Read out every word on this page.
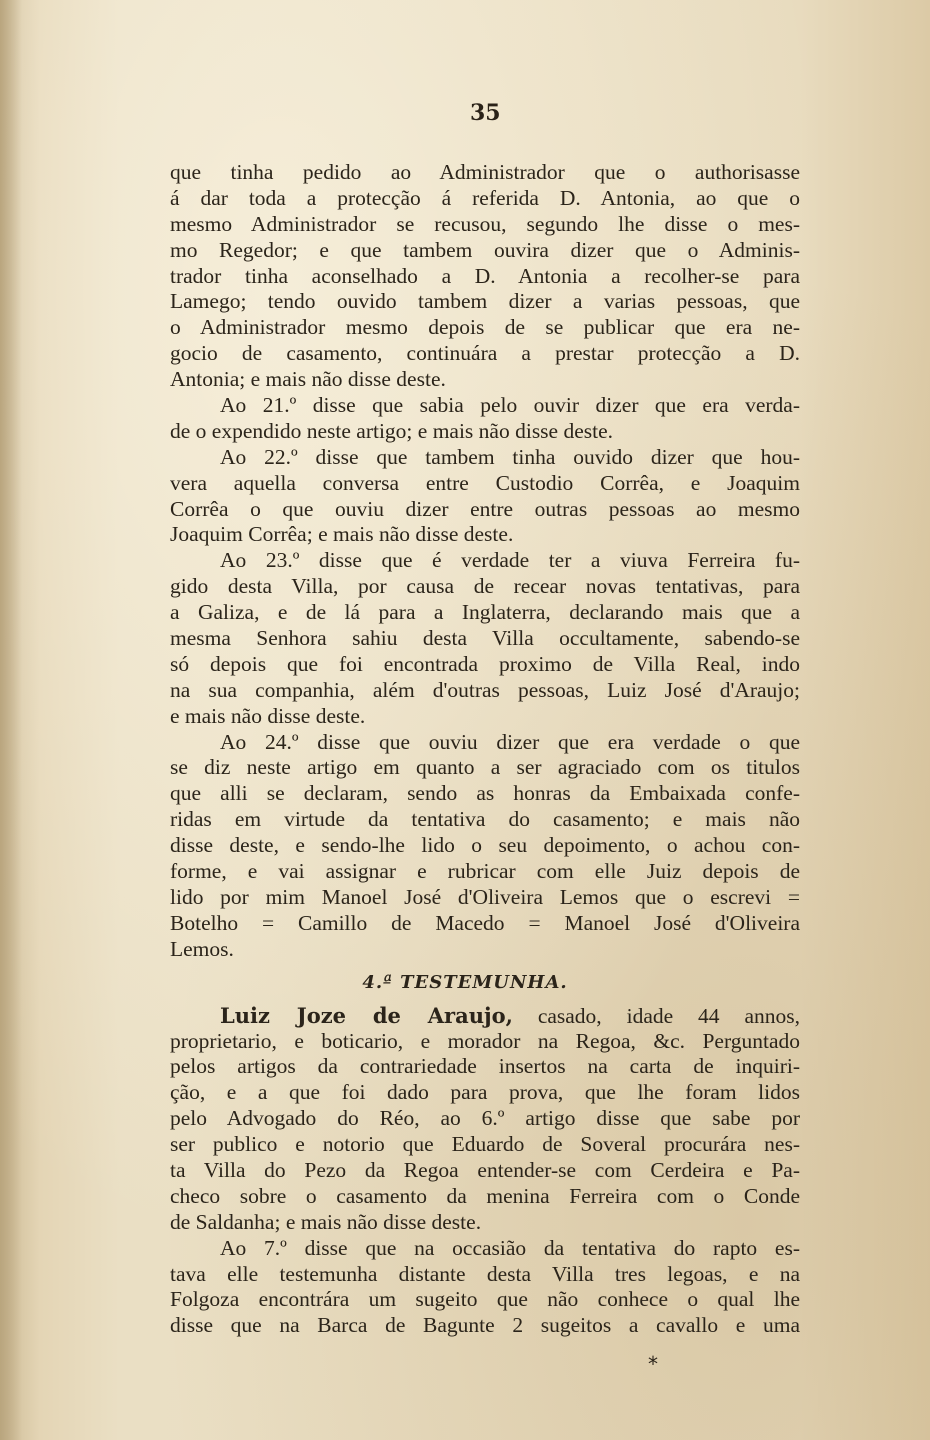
35
que tinha pedido ao Administrador que o authorisasse
á dar toda a protecção á referida D. Antonia, ao que o
mesmo Administrador se recusou, segundo lhe disse o mes-
mo Regedor; e que tambem ouvira dizer que o Adminis-
trador tinha aconselhado a D. Antonia a recolher-se para
Lamego; tendo ouvido tambem dizer a varias pessoas, que
o Administrador mesmo depois de se publicar que era ne-
gocio de casamento, continuára a prestar protecção a D.
Antonia; e mais não disse deste.
Ao 21.º disse que sabia pelo ouvir dizer que era verda-
de o expendido neste artigo; e mais não disse deste.
Ao 22.º disse que tambem tinha ouvido dizer que hou-
vera aquella conversa entre Custodio Corrêa, e Joaquim
Corrêa o que ouviu dizer entre outras pessoas ao mesmo
Joaquim Corrêa; e mais não disse deste.
Ao 23.º disse que é verdade ter a viuva Ferreira fu-
gido desta Villa, por causa de recear novas tentativas, para
a Galiza, e de lá para a Inglaterra, declarando mais que a
mesma Senhora sahiu desta Villa occultamente, sabendo-se
só depois que foi encontrada proximo de Villa Real, indo
na sua companhia, além d'outras pessoas, Luiz José d'Araujo;
e mais não disse deste.
Ao 24.º disse que ouviu dizer que era verdade o que
se diz neste artigo em quanto a ser agraciado com os titulos
que alli se declaram, sendo as honras da Embaixada confe-
ridas em virtude da tentativa do casamento; e mais não
disse deste, e sendo-lhe lido o seu depoimento, o achou con-
forme, e vai assignar e rubricar com elle Juiz depois de
lido por mim Manoel José d'Oliveira Lemos que o escrevi =
Botelho = Camillo de Macedo = Manoel José d'Oliveira
Lemos.
4.ª TESTEMUNHA.
Luiz Joze de Araujo, casado, idade 44 annos,
proprietario, e boticario, e morador na Regoa, &c. Perguntado
pelos artigos da contrariedade insertos na carta de inquiri-
ção, e a que foi dado para prova, que lhe foram lidos
pelo Advogado do Réo, ao 6.º artigo disse que sabe por
ser publico e notorio que Eduardo de Soveral procurára nes-
ta Villa do Pezo da Regoa entender-se com Cerdeira e Pa-
checo sobre o casamento da menina Ferreira com o Conde
de Saldanha; e mais não disse deste.
Ao 7.º disse que na occasião da tentativa do rapto es-
tava elle testemunha distante desta Villa tres legoas, e na
Folgoza encontrára um sugeito que não conhece o qual lhe
disse que na Barca de Bagunte 2 sugeitos a cavallo e uma
*
